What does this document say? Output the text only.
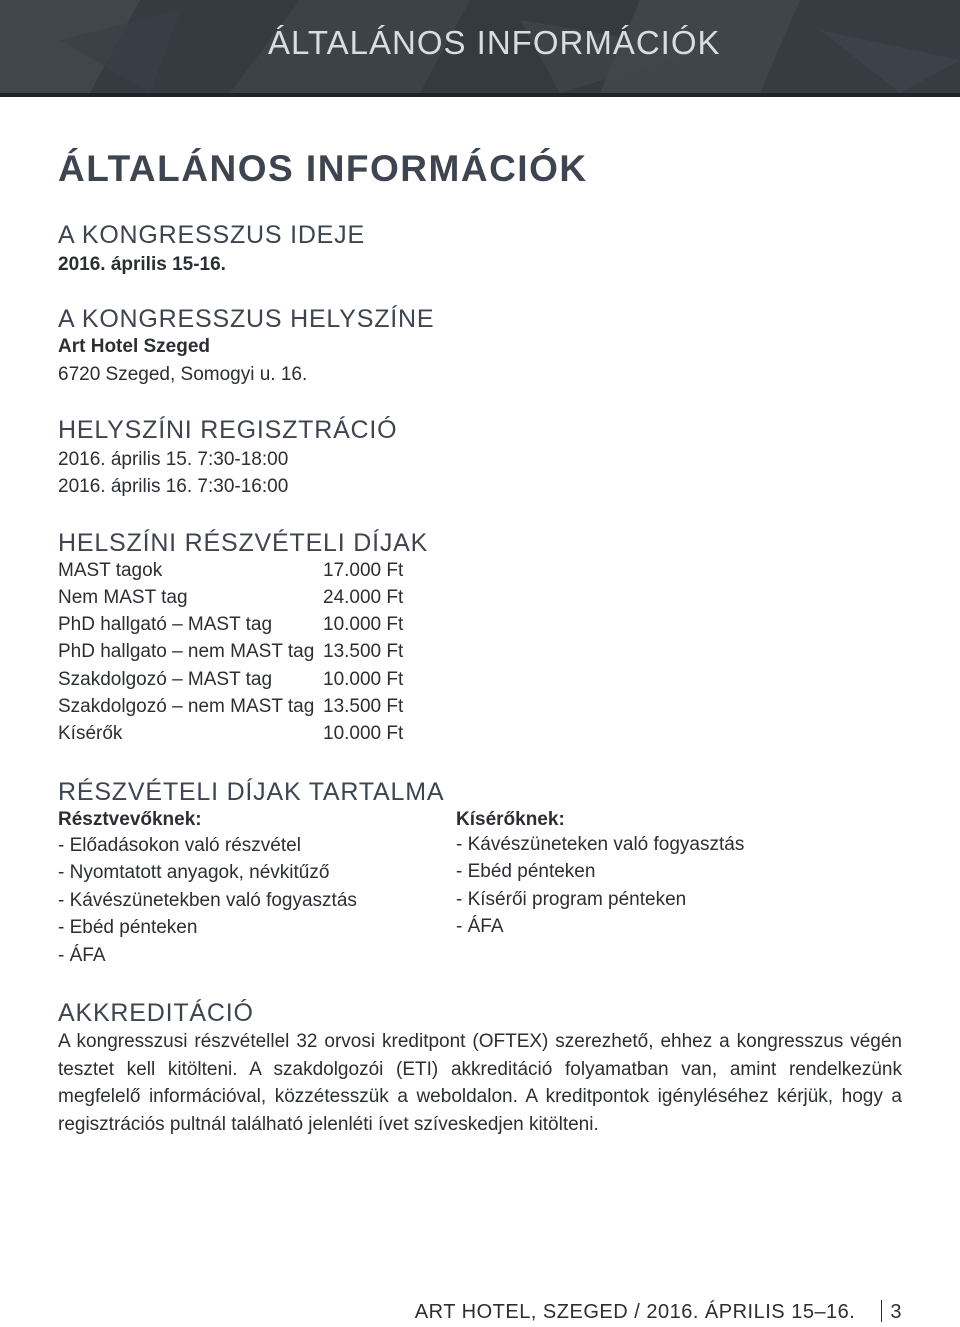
ÁLTALÁNOS INFORMÁCIÓK
ÁLTALÁNOS INFORMÁCIÓK
A KONGRESSZUS IDEJE
2016. április 15-16.
A KONGRESSZUS HELYSZÍNE
Art Hotel Szeged
6720 Szeged, Somogyi u. 16.
HELYSZÍNI REGISZTRÁCIÓ
2016. április 15. 7:30-18:00
2016. április 16. 7:30-16:00
HELSZÍNI RÉSZVÉTELI DÍJAK
MAST tagok	17.000 Ft
Nem MAST tag	24.000 Ft
PhD hallgató – MAST tag	10.000 Ft
PhD hallgato – nem MAST tag 13.500 Ft
Szakdolgozó – MAST tag	10.000 Ft
Szakdolgozó – nem MAST tag 13.500 Ft
Kísérők	10.000 Ft
RÉSZVÉTELI DÍJAK TARTALMA
Résztvevőknek:
- Előadásokon való részvétel
- Nyomtatott anyagok, névkitűző
- Kávészünetekben való fogyasztás
- Ebéd pénteken
- ÁFA
Kísérőknek:
- Kávészüneteken való fogyasztás
- Ebéd pénteken
- Kísérői program pénteken
- ÁFA
AKKREDITÁCIÓ

A kongresszusi részvétellel 32 orvosi kreditpont (OFTEX) szerezhető, ehhez a kongresszus végén tesztet kell kitölteni. A szakdolgozói (ETI) akkreditáció folyamatban van, amint rendelkezünk megfelelő információval, közzétesszük a weboldalon. A kreditpontok igényléséhez kérjük, hogy a regisztrációs pultnál található jelenléti ívet szíveskedjen kitölteni.

ART HOTEL, SZEGED / 2016. ÁPRILIS 15–16. 3
